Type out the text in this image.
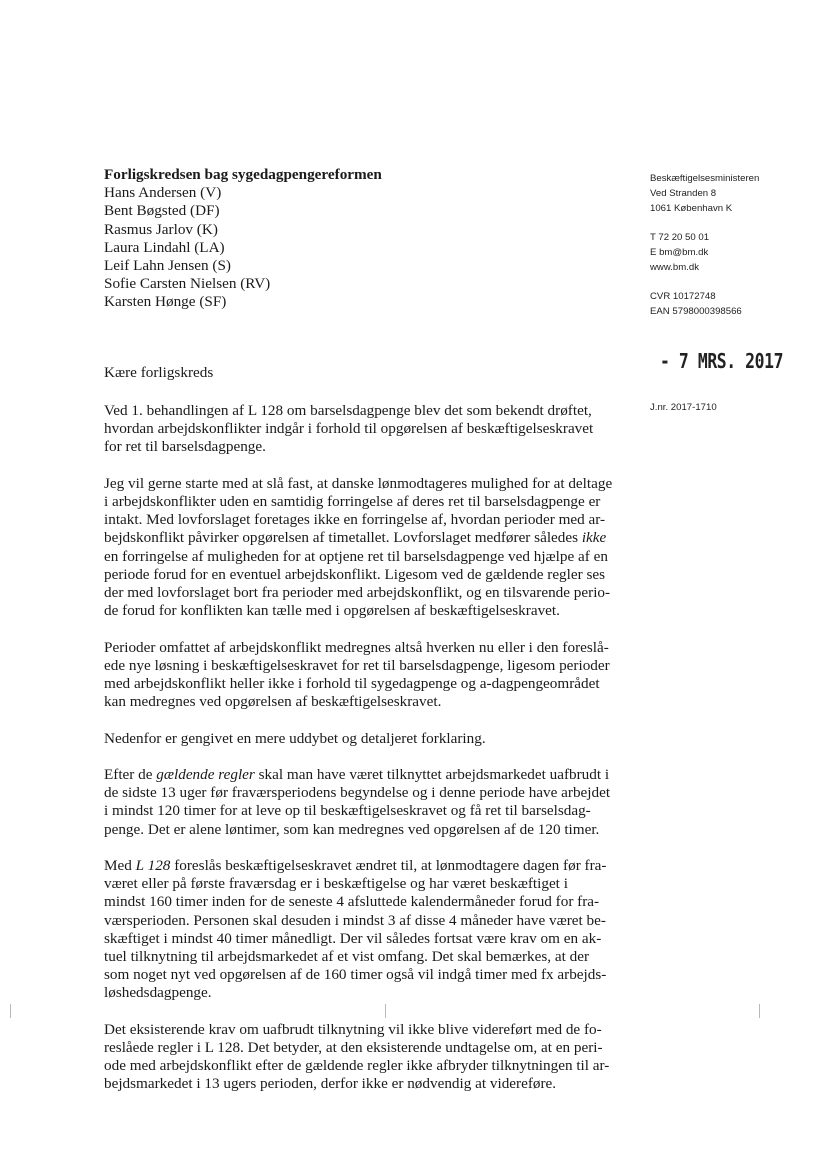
Forligskredsen bag sygedagpengereformen
Hans Andersen (V)
Bent Bøgsted (DF)
Rasmus Jarlov (K)
Laura Lindahl (LA)
Leif Lahn Jensen (S)
Sofie Carsten Nielsen (RV)
Karsten Hønge (SF)
Beskæftigelsesministeren
Ved Stranden 8
1061 København K
T 72 20 50 01
E bm@bm.dk
www.bm.dk
CVR 10172748
EAN 5798000398566
- 7 MRS. 2017
J.nr. 2017-1710
Kære forligskreds

Ved 1. behandlingen af L 128 om barselsdagpenge blev det som bekendt drøftet,
hvordan arbejdskonflikter indgår i forhold til opgørelsen af beskæftigelseskravet
for ret til barselsdagpenge.

Jeg vil gerne starte med at slå fast, at danske lønmodtageres mulighed for at deltage
i arbejdskonflikter uden en samtidig forringelse af deres ret til barselsdagpenge er
intakt. Med lovforslaget foretages ikke en forringelse af, hvordan perioder med ar-
bejdskonflikt påvirker opgørelsen af timetallet. Lovforslaget medfører således ikke
en forringelse af muligheden for at optjene ret til barselsdagpenge ved hjælpe af en
periode forud for en eventuel arbejdskonflikt. Ligesom ved de gældende regler ses
der med lovforslaget bort fra perioder med arbejdskonflikt, og en tilsvarende perio-
de forud for konflikten kan tælle med i opgørelsen af beskæftigelseskravet.

Perioder omfattet af arbejdskonflikt medregnes altså hverken nu eller i den foreslå-
ede nye løsning i beskæftigelseskravet for ret til barselsdagpenge, ligesom perioder
med arbejdskonflikt heller ikke i forhold til sygedagpenge og a-dagpengeområdet
kan medregnes ved opgørelsen af beskæftigelseskravet.

Nedenfor er gengivet en mere uddybet og detaljeret forklaring.

Efter de gældende regler skal man have været tilknyttet arbejdsmarkedet uafbrudt i
de sidste 13 uger før fraværsperiodens begyndelse og i denne periode have arbejdet
i mindst 120 timer for at leve op til beskæftigelseskravet og få ret til barselsdag-
penge. Det er alene løntimer, som kan medregnes ved opgørelsen af de 120 timer.

Med L 128 foreslås beskæftigelseskravet ændret til, at lønmodtagere dagen før fra-
været eller på første fraværsdag er i beskæftigelse og har været beskæftiget i
mindst 160 timer inden for de seneste 4 afsluttede kalendermåneder forud for fra-
værsperioden. Personen skal desuden i mindst 3 af disse 4 måneder have været be-
skæftiget i mindst 40 timer månedligt. Der vil således fortsat være krav om en ak-
tuel tilknytning til arbejdsmarkedet af et vist omfang. Det skal bemærkes, at der
som noget nyt ved opgørelsen af de 160 timer også vil indgå timer med fx arbejds-
løshedsdagpenge.

Det eksisterende krav om uafbrudt tilknytning vil ikke blive videreført med de fo-
reslåede regler i L 128. Det betyder, at den eksisterende undtagelse om, at en peri-
ode med arbejdskonflikt efter de gældende regler ikke afbryder tilknytningen til ar-
bejdsmarkedet i 13 ugers perioden, derfor ikke er nødvendig at videreføre.
